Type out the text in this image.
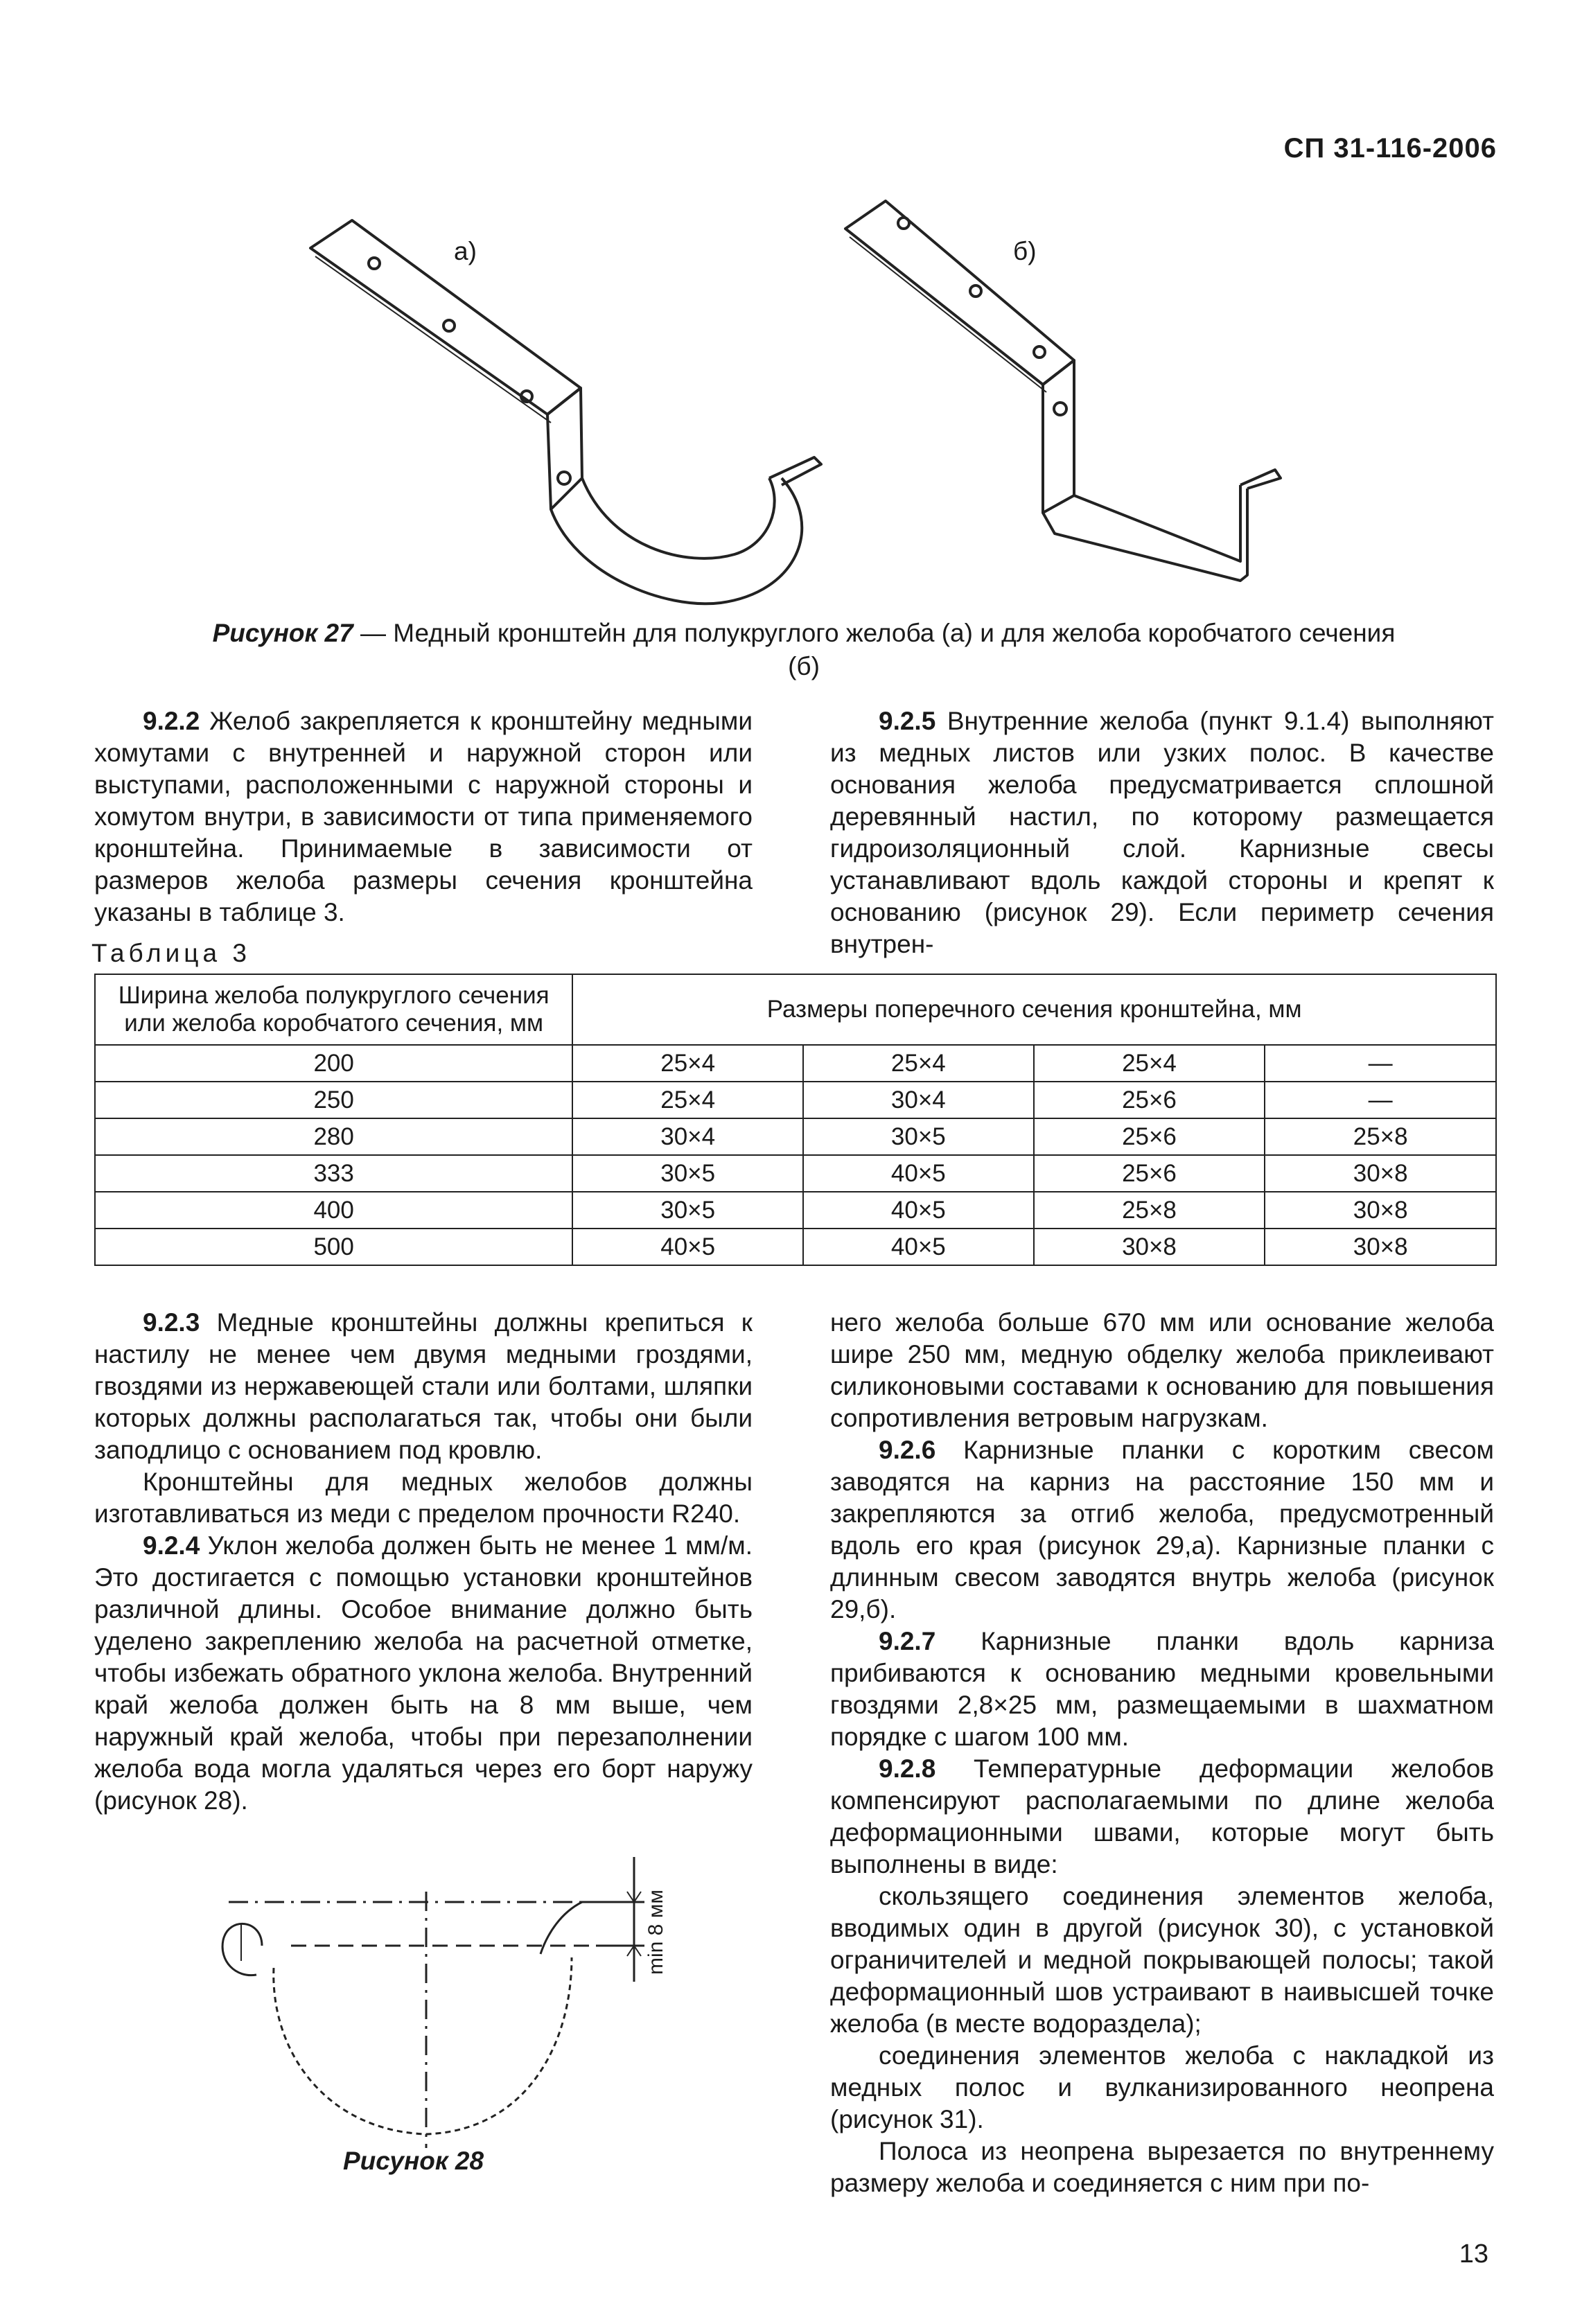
СП 31-116-2006
а)	б)
Рисунок 27 — Медный кронштейн для полукруглого желоба (а) и для желоба коробчатого сечения (б)

9.2.2 Желоб закрепляется к кронштейну медными хомутами с внутренней и наружной сторон или выступами, расположенными с наружной стороны и хомутом внутри, в зависимости от типа применяемого кронштейна. Принимаемые в зависимости от размеров желоба размеры сечения кронштейна указаны в таблице 3.

9.2.5 Внутренние желоба (пункт 9.1.4) выполняют из медных листов или узких полос. В качестве основания желоба предусматривается сплошной деревянный настил, по которому размещается гидроизоляционный слой. Карнизные свесы устанавливают вдоль каждой стороны и крепят к основанию (рисунок 29). Если периметр сечения внутрен-

Таблица 3
Ширина желоба полукруглого сечения или желоба коробчатого сечения, мм	Размеры поперечного сечения кронштейна, мм			
200	25×4	25×4	25×4	—
250	25×4	30×4	25×6	—
280	30×4	30×5	25×6	25×8
333	30×5	40×5	25×6	30×8
400	30×5	40×5	25×8	30×8
500	40×5	40×5	30×8	30×8

9.2.3 Медные кронштейны должны крепиться к настилу не менее чем двумя медными гроздями, гвоздями из нержавеющей стали или болтами, шляпки которых должны располагаться так, чтобы они были заподлицо с основанием под кровлю.

Кронштейны для медных желобов должны изготавливаться из меди с пределом прочности R240.

9.2.4 Уклон желоба должен быть не менее 1 мм/м. Это достигается с помощью установки кронштейнов различной длины. Особое внимание должно быть уделено закреплению желоба на расчетной отметке, чтобы избежать обратного уклона желоба. Внутренний край желоба должен быть на 8 мм выше, чем наружный край желоба, чтобы при перезаполнении желоба вода могла удаляться через его борт наружу (рисунок 28).

min 8 мм
Рисунок 28

него желоба больше 670 мм или основание желоба шире 250 мм, медную обделку желоба приклеивают силиконовыми составами к основанию для повышения сопротивления ветровым нагрузкам.

9.2.6 Карнизные планки с коротким свесом заводятся на карниз на расстояние 150 мм и закрепляются за отгиб желоба, предусмотренный вдоль его края (рисунок 29,а). Карнизные планки с длинным свесом заводятся внутрь желоба (рисунок 29,б).

9.2.7 Карнизные планки вдоль карниза прибиваются к основанию медными кровельными гвоздями 2,8×25 мм, размещаемыми в шахматном порядке с шагом 100 мм.

9.2.8 Температурные деформации желобов компенсируют располагаемыми по длине желоба деформационными швами, которые могут быть выполнены в виде:

скользящего соединения элементов желоба, вводимых один в другой (рисунок 30), с установкой ограничителей и медной покрывающей полосы; такой деформационный шов устраивают в наивысшей точке желоба (в месте водораздела);

соединения элементов желоба с накладкой из медных полос и вулканизированного неопрена (рисунок 31).

Полоса из неопрена вырезается по внутреннему размеру желоба и соединяется с ним при по-

13
